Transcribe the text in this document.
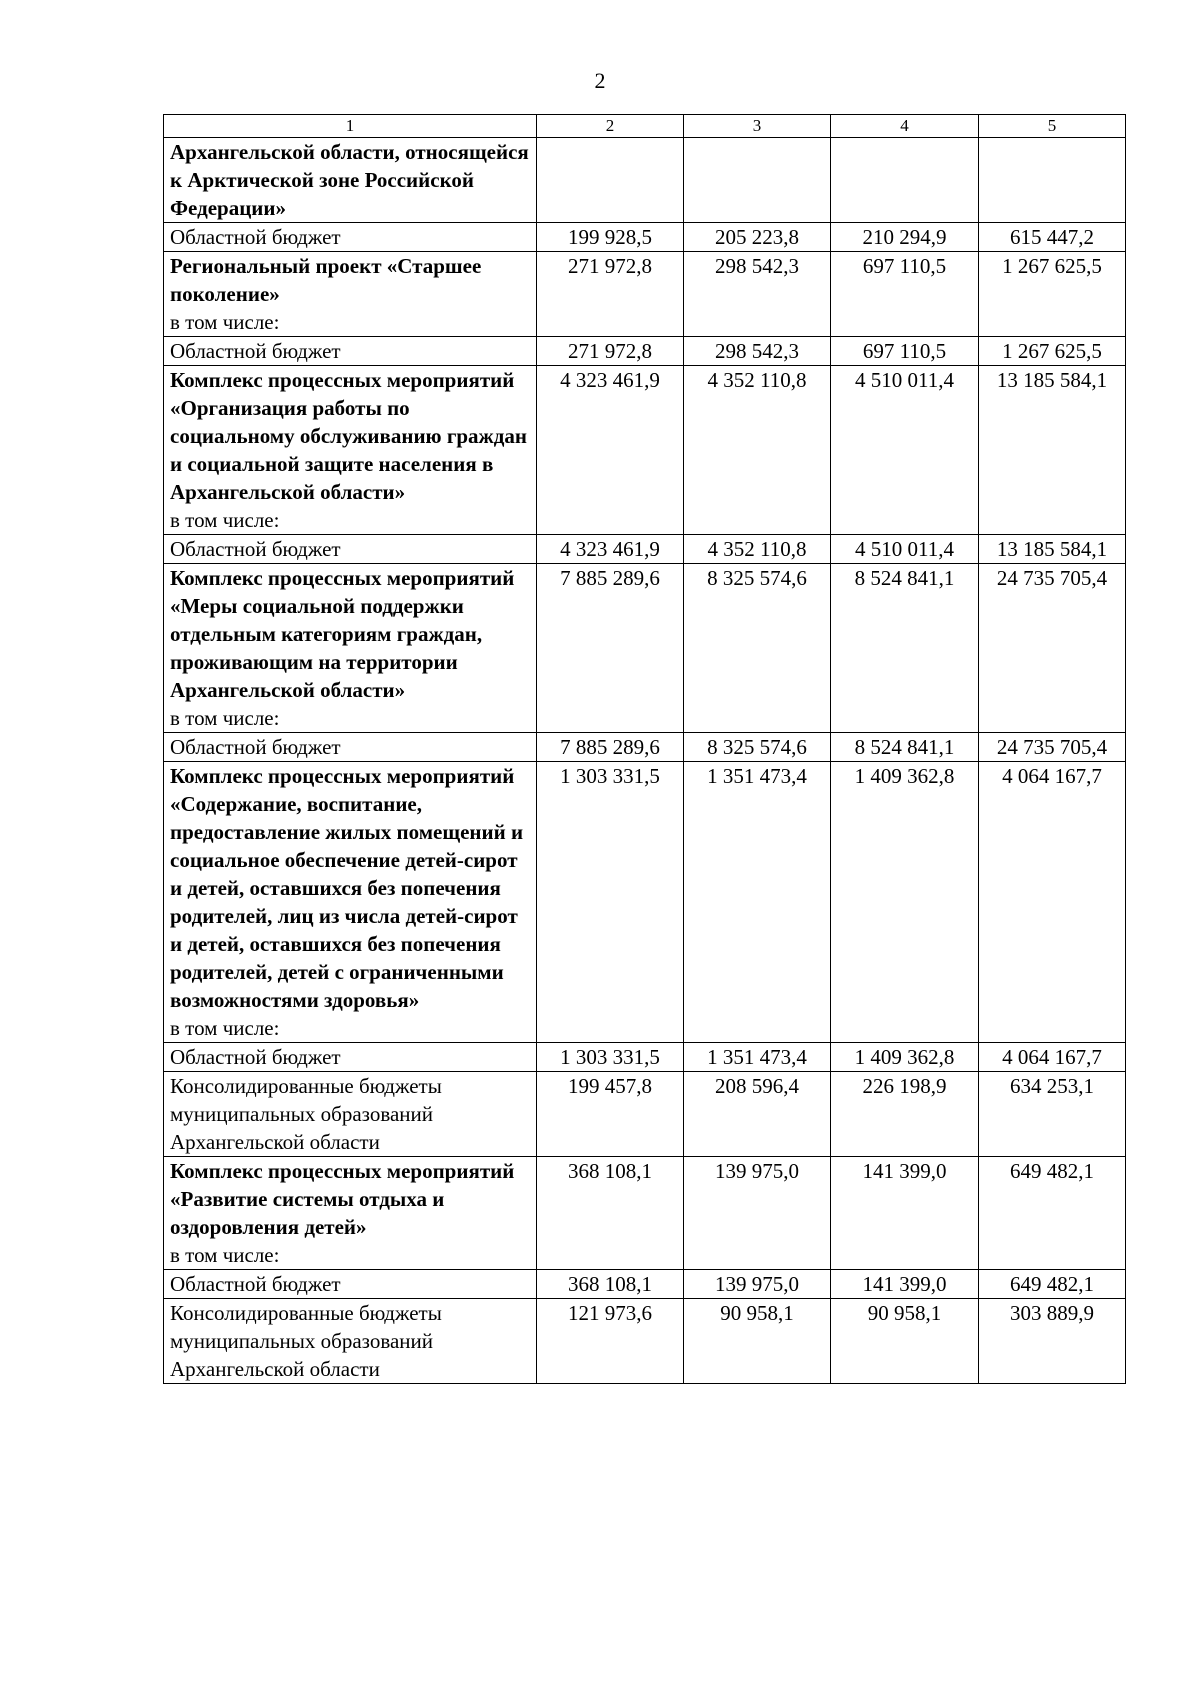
2
1	2	3	4	5

Архангельской области, относящейся к Арктической зоне Российской Федерации»				

Областной бюджет	199 928,5	205 223,8	210 294,9	615 447,2

Региональный проект «Старшее поколение»
в том числе:	271 972,8	298 542,3	697 110,5	1 267 625,5
Областной бюджет	271 972,8	298 542,3	697 110,5	1 267 625,5

Комплекс процессных мероприятий «Организация работы по социальному обслуживанию граждан и социальной защите населения в Архангельской области»
в том числе:	4 323 461,9	4 352 110,8	4 510 011,4	13 185 584,1
Областной бюджет	4 323 461,9	4 352 110,8	4 510 011,4	13 185 584,1

Комплекс процессных мероприятий «Меры социальной поддержки отдельным категориям граждан, проживающим на территории Архангельской области»
в том числе:	7 885 289,6	8 325 574,6	8 524 841,1	24 735 705,4
Областной бюджет	7 885 289,6	8 325 574,6	8 524 841,1	24 735 705,4

Комплекс процессных мероприятий «Содержание, воспитание, предоставление жилых помещений и социальное обеспечение детей-сирот и детей, оставшихся без попечения родителей, лиц из числа детей-сирот и детей, оставшихся без попечения родителей, детей с ограниченными возможностями здоровья»
в том числе:	1 303 331,5	1 351 473,4	1 409 362,8	4 064 167,7
Областной бюджет	1 303 331,5	1 351 473,4	1 409 362,8	4 064 167,7
Консолидированные бюджеты муниципальных образований Архангельской области	199 457,8	208 596,4	226 198,9	634 253,1

Комплекс процессных мероприятий «Развитие системы отдыха и оздоровления детей»
в том числе:	368 108,1	139 975,0	141 399,0	649 482,1
Областной бюджет	368 108,1	139 975,0	141 399,0	649 482,1
Консолидированные бюджеты муниципальных образований Архангельской области	121 973,6	90 958,1	90 958,1	303 889,9
